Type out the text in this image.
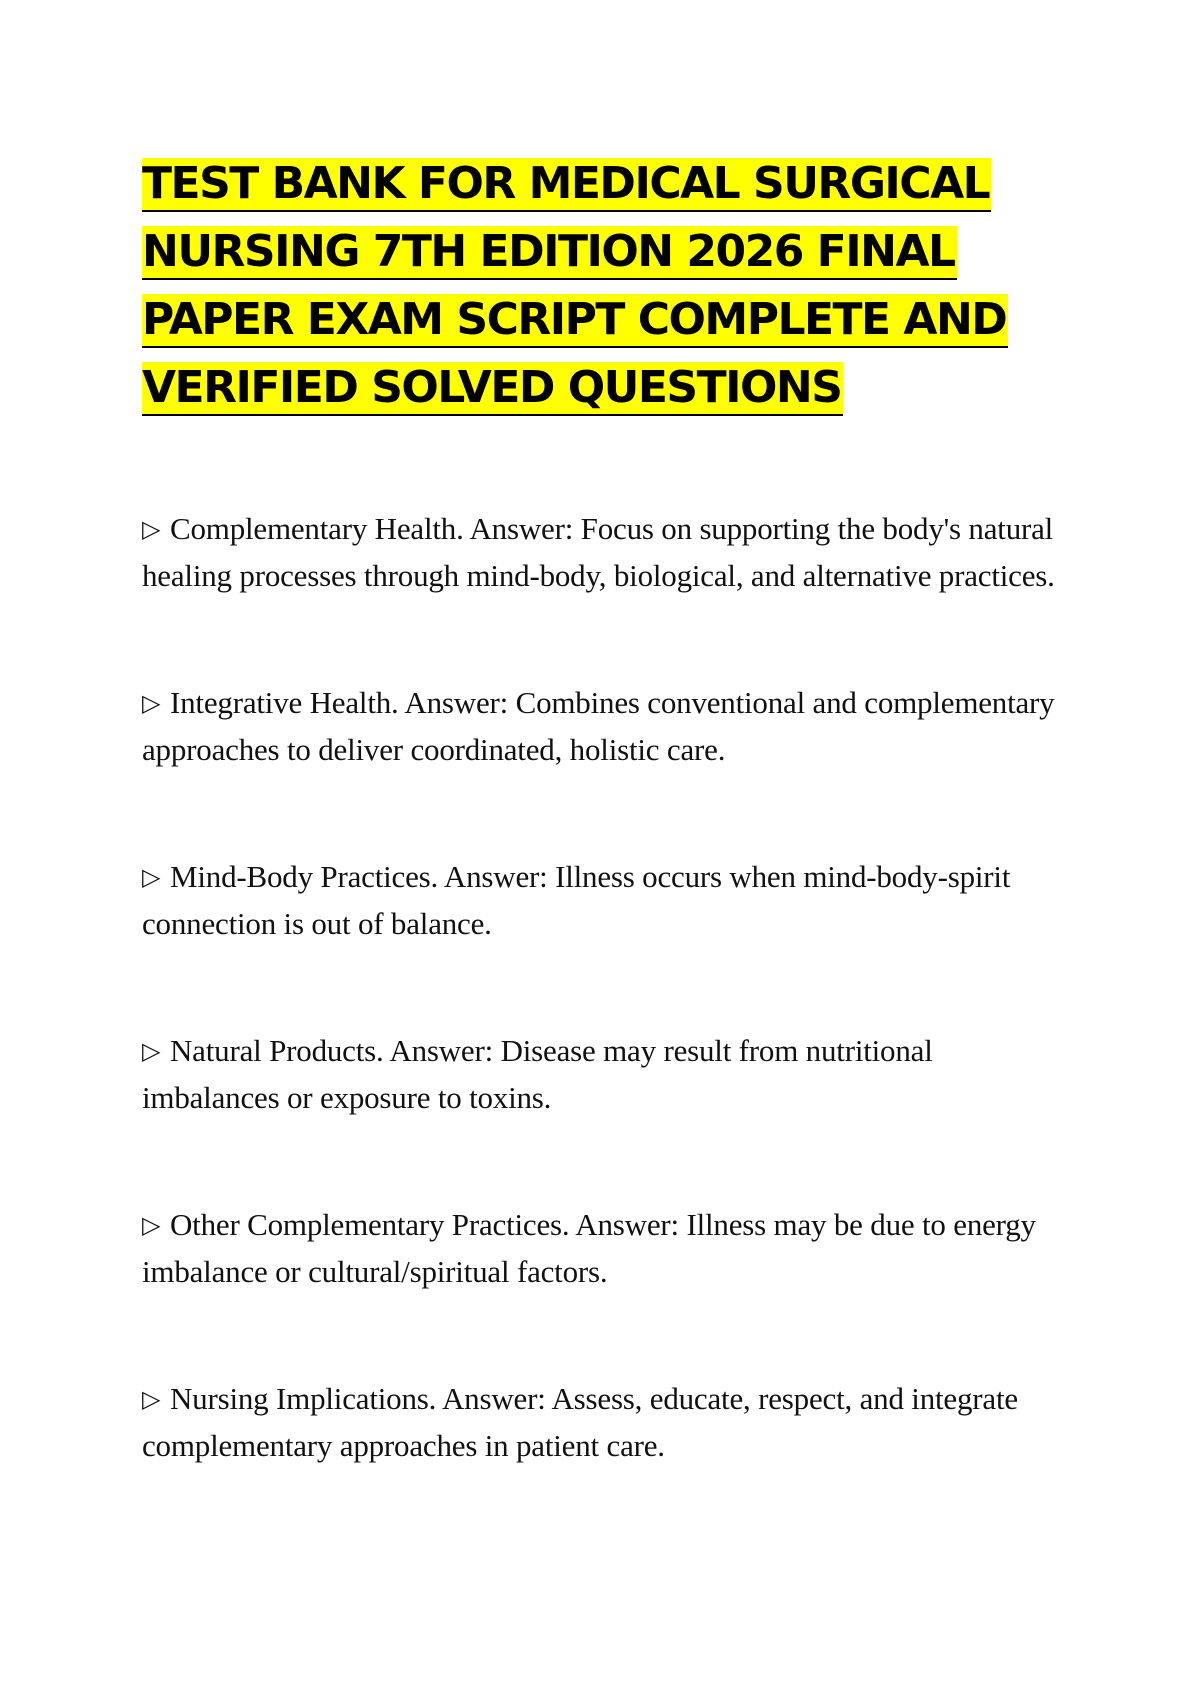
TEST BANK FOR MEDICAL SURGICAL NURSING 7TH EDITION 2026 FINAL PAPER EXAM SCRIPT COMPLETE AND VERIFIED SOLVED QUESTIONS
▷ Complementary Health. Answer: Focus on supporting the body's natural healing processes through mind-body, biological, and alternative practices.
▷ Integrative Health. Answer: Combines conventional and complementary approaches to deliver coordinated, holistic care.
▷ Mind-Body Practices. Answer: Illness occurs when mind-body-spirit connection is out of balance.
▷ Natural Products. Answer: Disease may result from nutritional imbalances or exposure to toxins.
▷ Other Complementary Practices. Answer: Illness may be due to energy imbalance or cultural/spiritual factors.
▷ Nursing Implications. Answer: Assess, educate, respect, and integrate complementary approaches in patient care.
